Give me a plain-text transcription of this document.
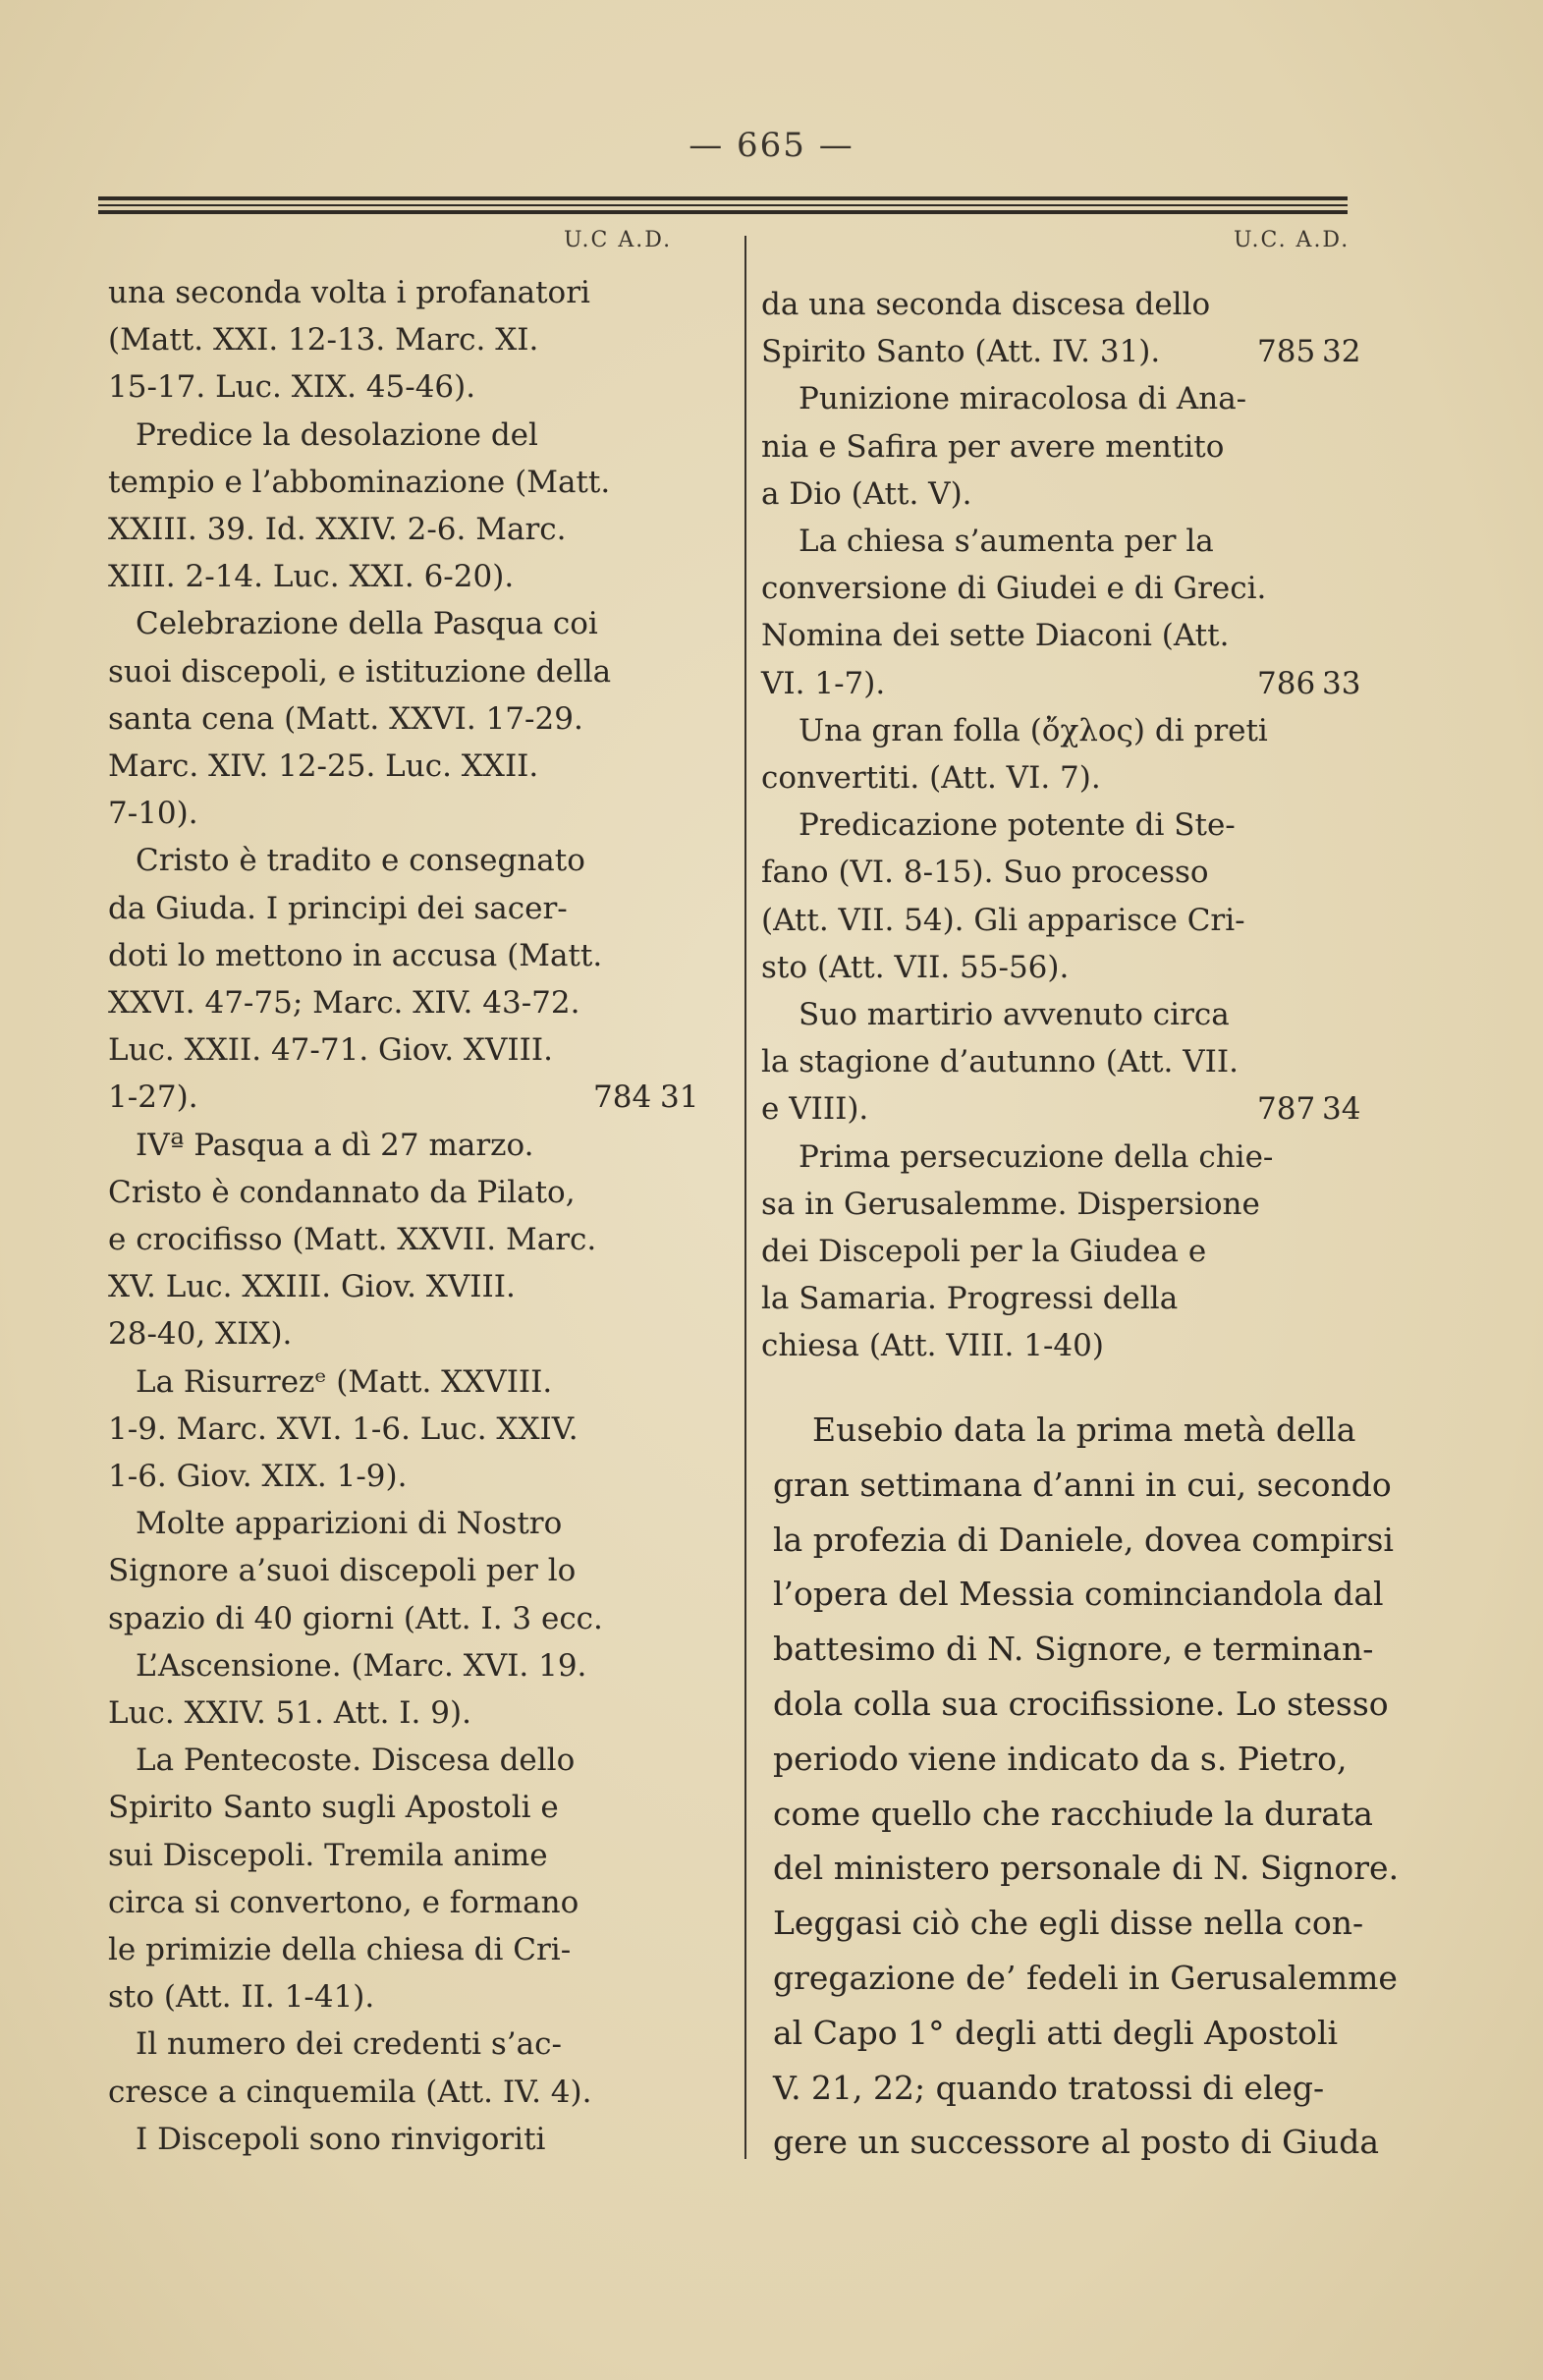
— 665 —
U.C A.D.	U.C. A.D.
una seconda volta i profanatori
(Matt. XXI. 12-13. Marc. XI.
15-17. Luc. XIX. 45-46).
Predice la desolazione del
tempio e l’abbominazione (Matt.
XXIII. 39. Id. XXIV. 2-6. Marc.
XIII. 2-14. Luc. XXI. 6-20).
Celebrazione della Pasqua coi
suoi discepoli, e istituzione della
santa cena (Matt. XXVI. 17-29.
Marc. XIV. 12-25. Luc. XXII.
7-10).
Cristo è tradito e consegnato
da Giuda. I principi dei sacer-
doti lo mettono in accusa (Matt.
XXVI. 47-75; Marc. XIV. 43-72.
Luc. XXII. 47-71. Giov. XVIII.
1-27).	784 31
IVª Pasqua a dì 27 marzo.
Cristo è condannato da Pilato,
e crocifisso (Matt. XXVII. Marc.
XV. Luc. XXIII. Giov. XVIII.
28-40, XIX).
La Risurrezᵉ (Matt. XXVIII.
1-9. Marc. XVI. 1-6. Luc. XXIV.
1-6. Giov. XIX. 1-9).
Molte apparizioni di Nostro
Signore a’suoi discepoli per lo
spazio di 40 giorni (Att. I. 3 ecc.
L’Ascensione. (Marc. XVI. 19.
Luc. XXIV. 51. Att. I. 9).
La Pentecoste. Discesa dello
Spirito Santo sugli Apostoli e
sui Discepoli. Tremila anime
circa si convertono, e formano
le primizie della chiesa di Cri-
sto (Att. II. 1-41).
Il numero dei credenti s’ac-
cresce a cinquemila (Att. IV. 4).
I Discepoli sono rinvigoriti
da una seconda discesa dello
Spirito Santo (Att. IV. 31).	785 32
Punizione miracolosa di Ana-
nia e Safira per avere mentito
a Dio (Att. V).
La chiesa s’aumenta per la
conversione di Giudei e di Greci.
Nomina dei sette Diaconi (Att.
VI. 1-7).	786 33
Una gran folla (ὄχλος) di preti
convertiti. (Att. VI. 7).
Predicazione potente di Ste-
fano (VI. 8-15). Suo processo
(Att. VII. 54). Gli apparisce Cri-
sto (Att. VII. 55-56).
Suo martirio avvenuto circa
la stagione d’autunno (Att. VII.
e VIII).	787 34
Prima persecuzione della chie-
sa in Gerusalemme. Dispersione
dei Discepoli per la Giudea e
la Samaria. Progressi della
chiesa (Att. VIII. 1-40)
Eusebio data la prima metà della
gran settimana d’anni in cui, secondo
la profezia di Daniele, dovea compirsi
l’opera del Messia cominciandola dal
battesimo di N. Signore, e terminan-
dola colla sua crocifissione. Lo stesso
periodo viene indicato da s. Pietro,
come quello che racchiude la durata
del ministero personale di N. Signore.
Leggasi ciò che egli disse nella con-
gregazione de’ fedeli in Gerusalemme
al Capo 1° degli atti degli Apostoli
V. 21, 22; quando tratossi di eleg-
gere un successore al posto di Giuda
